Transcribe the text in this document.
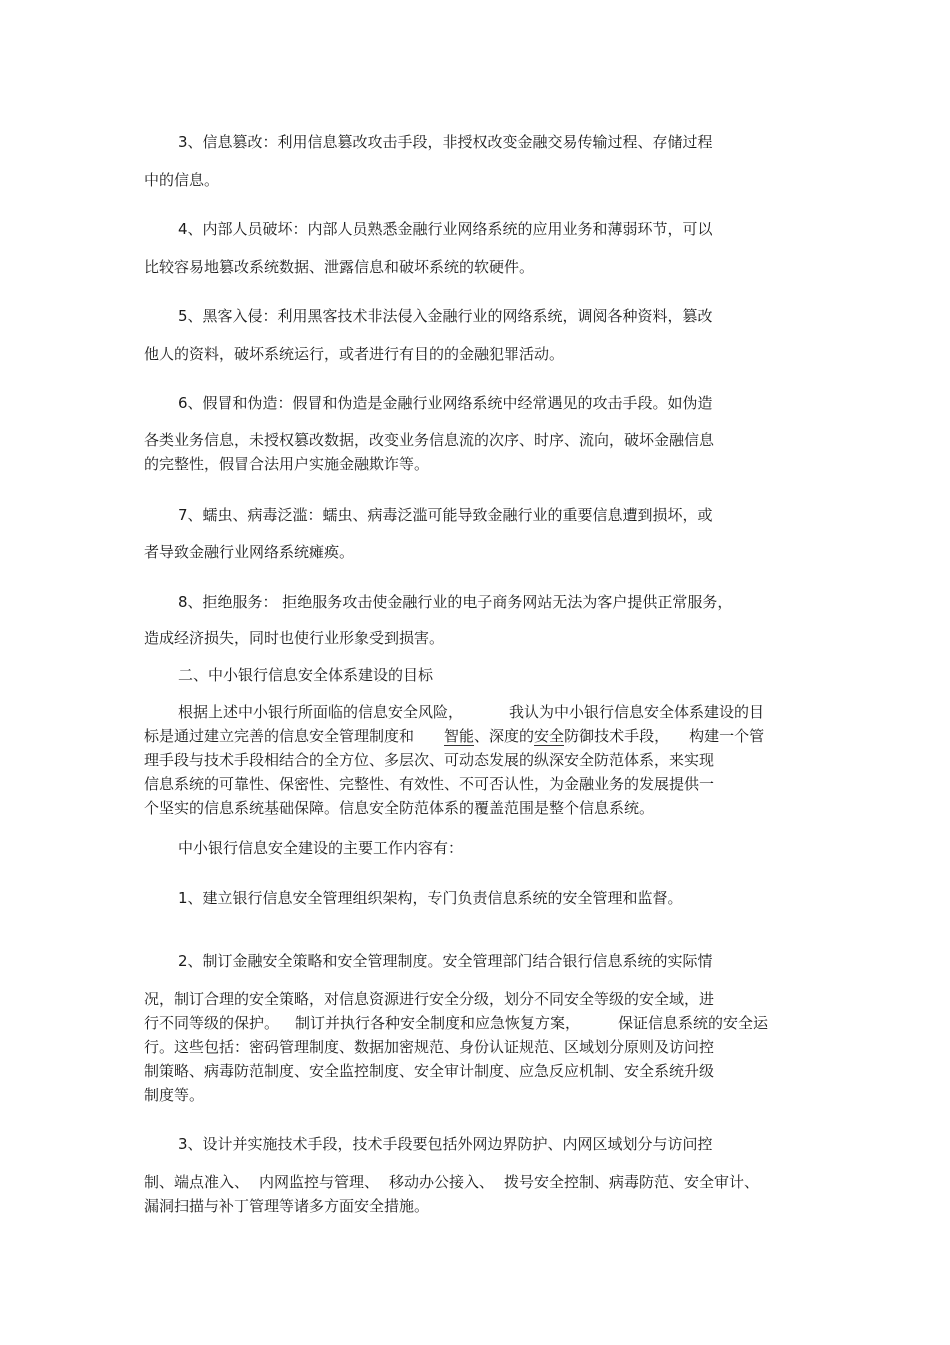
3、信息篡改：利用信息篡改攻击手段，非授权改变金融交易传输过程、存储过程

中的信息。

4、内部人员破坏：内部人员熟悉金融行业网络系统的应用业务和薄弱环节，可以

比较容易地篡改系统数据、泄露信息和破坏系统的软硬件。

5、黑客入侵：利用黑客技术非法侵入金融行业的网络系统，调阅各种资料，篡改

他人的资料，破坏系统运行，或者进行有目的的金融犯罪活动。

6、假冒和伪造：假冒和伪造是金融行业网络系统中经常遇见的攻击手段。如伪造

各类业务信息，未授权篡改数据，改变业务信息流的次序、时序、流向，破坏金融信息

的完整性，假冒合法用户实施金融欺诈等。

7、蠕虫、病毒泛滥：蠕虫、病毒泛滥可能导致金融行业的重要信息遭到损坏，或

者导致金融行业网络系统瘫痪。

8、拒绝服务： 拒绝服务攻击使金融行业的电子商务网站无法为客户提供正常服务，

造成经济损失，同时也使行业形象受到损害。

二、中小银行信息安全体系建设的目标

根据上述中小银行所面临的信息安全风险，	我认为中小银行信息安全体系建设的目

标是通过建立完善的信息安全管理制度和 智能、深度的安全防御技术手段， 构建一个管

理手段与技术手段相结合的全方位、多层次、可动态发展的纵深安全防范体系，来实现

信息系统的可靠性、保密性、完整性、有效性、不可否认性，为金融业务的发展提供一

个坚实的信息系统基础保障。信息安全防范体系的覆盖范围是整个信息系统。

中小银行信息安全建设的主要工作内容有：

1、建立银行信息安全管理组织架构，专门负责信息系统的安全管理和监督。

2、制订金融安全策略和安全管理制度。安全管理部门结合银行信息系统的实际情

况，制订合理的安全策略，对信息资源进行安全分级，划分不同安全等级的安全域，进

行不同等级的保护。 制订并执行各种安全制度和应急恢复方案，	保证信息系统的安全运

行。这些包括：密码管理制度、数据加密规范、身份认证规范、区域划分原则及访问控

制策略、病毒防范制度、安全监控制度、安全审计制度、应急反应机制、安全系统升级

制度等。

3、设计并实施技术手段，技术手段要包括外网边界防护、内网区域划分与访问控

制、端点准入、 内网监控与管理、 移动办公接入、 拨号安全控制、病毒防范、安全审计、

漏洞扫描与补丁管理等诸多方面安全措施。
